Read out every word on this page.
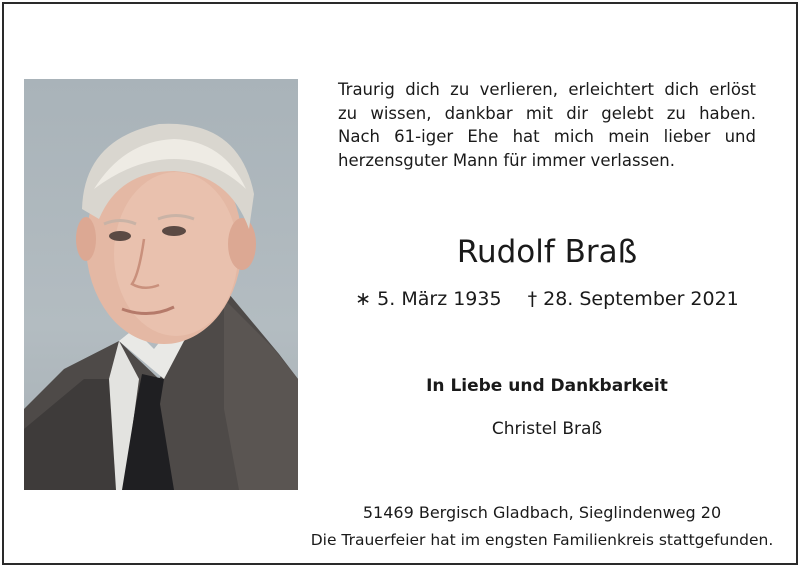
Traurig dich zu verlieren, erleichtert dich erlöst
zu wissen, dankbar mit dir gelebt zu haben.
Nach 61-iger Ehe hat mich mein lieber und
herzensguter Mann für immer verlassen.
Rudolf Braß
∗ 5. März 1935 † 28. September 2021
In Liebe und Dankbarkeit
Christel Braß
51469 Bergisch Gladbach, Sieglindenweg 20
Die Trauerfeier hat im engsten Familienkreis stattgefunden.
